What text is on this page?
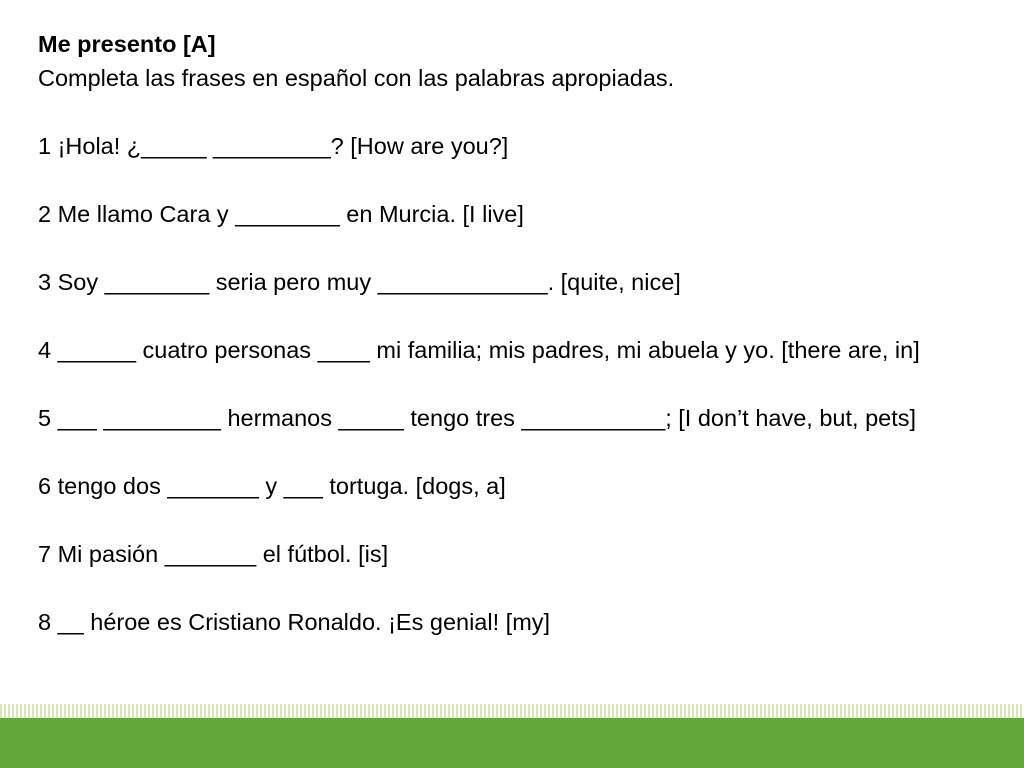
Me presento [A]

Completa las frases en español con las palabras apropiadas.

1 ¡Hola! ¿_____ _________? [How are you?]

2 Me llamo Cara y ________ en Murcia. [I live]

3 Soy ________ seria pero muy _____________. [quite, nice]

4 ______ cuatro personas ____ mi familia; mis padres, mi abuela y yo. [there are, in]

5 ___ _________ hermanos _____ tengo tres ___________; [I don’t have, but, pets]

6 tengo dos _______ y ___ tortuga. [dogs, a]

7 Mi pasión _______ el fútbol. [is]

8 __ héroe es Cristiano Ronaldo. ¡Es genial! [my]
